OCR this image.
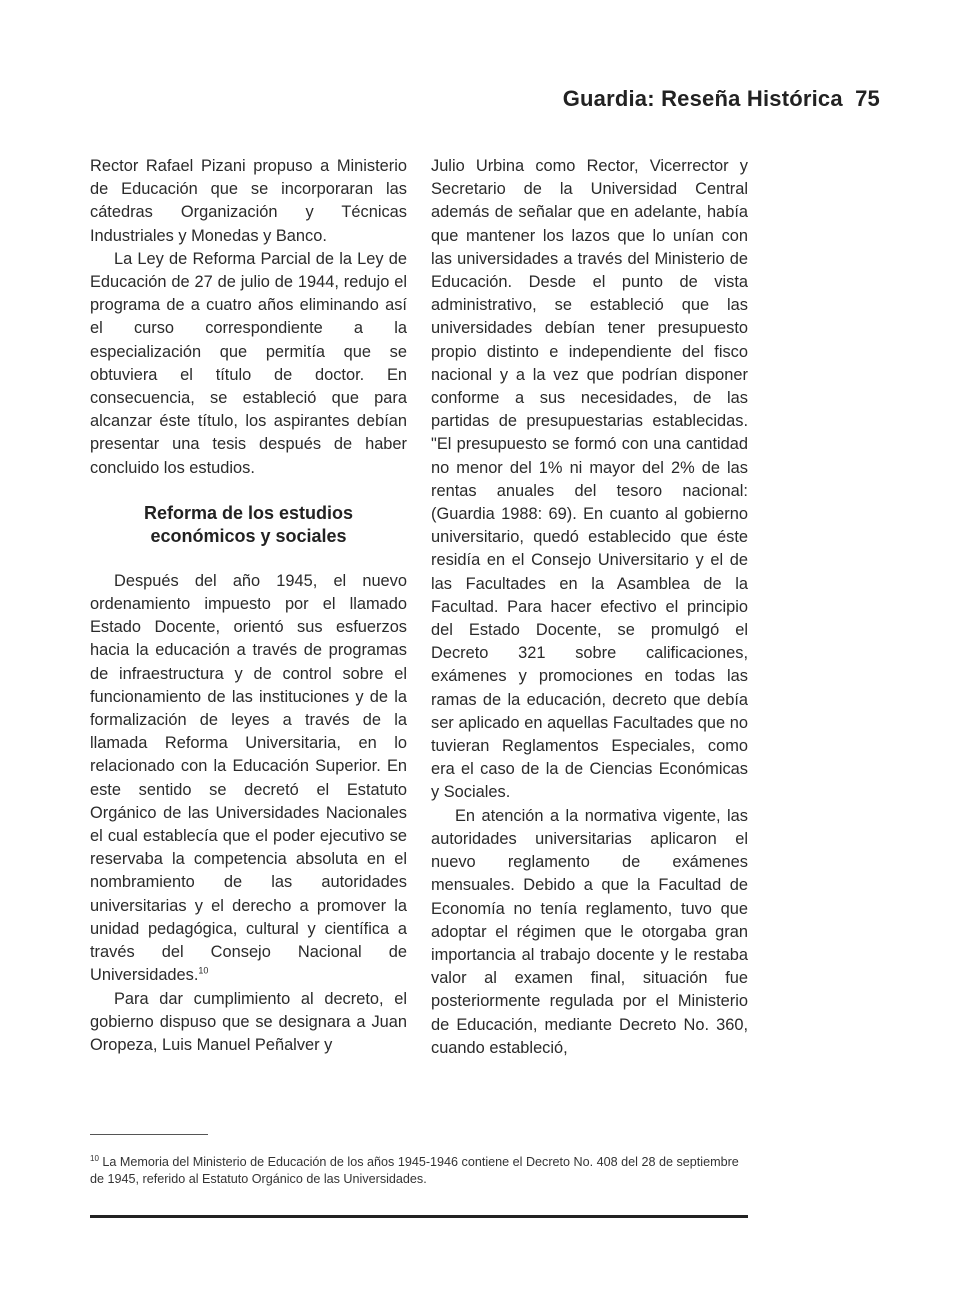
Guardia: Reseña Histórica 75

Rector Rafael Pizani propuso a Ministerio de Educación que se incorporaran las cátedras Organización y Técnicas Industriales y Monedas y Banco.

La Ley de Reforma Parcial de la Ley de Educación de 27 de julio de 1944, redujo el programa de a cuatro años eliminando así el curso correspondiente a la especialización que permitía que se obtuviera el título de doctor. En consecuencia, se estableció que para alcanzar éste título, los aspirantes debían presentar una tesis después de haber concluido los estudios.

Reforma de los estudios económicos y sociales

Después del año 1945, el nuevo ordenamiento impuesto por el llamado Estado Docente, orientó sus esfuerzos hacia la educación a través de programas de infraestructura y de control sobre el funcionamiento de las instituciones y de la formalización de leyes a través de la llamada Reforma Universitaria, en lo relacionado con la Educación Superior. En este sentido se decretó el Estatuto Orgánico de las Universidades Nacionales el cual establecía que el poder ejecutivo se reservaba la competencia absoluta en el nombramiento de las autoridades universitarias y el derecho a promover la unidad pedagógica, cultural y científica a través del Consejo Nacional de Universidades.$^{10}$

Para dar cumplimiento al decreto, el gobierno dispuso que se designara a Juan Oropeza, Luis Manuel Peñalver y

Julio Urbina como Rector, Vicerrector y Secretario de la Universidad Central además de señalar que en adelante, había que mantener los lazos que lo unían con las universidades a través del Ministerio de Educación. Desde el punto de vista administrativo, se estableció que las universidades debían tener presupuesto propio distinto e independiente del fisco nacional y a la vez que podrían disponer conforme a sus necesidades, de las partidas de presupuestarias establecidas. "El presupuesto se formó con una cantidad no menor del 1% ni mayor del 2% de las rentas anuales del tesoro nacional: (Guardia 1988: 69). En cuanto al gobierno universitario, quedó establecido que éste residía en el Consejo Universitario y el de las Facultades en la Asamblea de la Facultad. Para hacer efectivo el principio del Estado Docente, se promulgó el Decreto 321 sobre calificaciones, exámenes y promociones en todas las ramas de la educación, decreto que debía ser aplicado en aquellas Facultades que no tuvieran Reglamentos Especiales, como era el caso de la de Ciencias Económicas y Sociales.

En atención a la normativa vigente, las autoridades universitarias aplicaron el nuevo reglamento de exámenes mensuales. Debido a que la Facultad de Economía no tenía reglamento, tuvo que adoptar el régimen que le otorgaba gran importancia al trabajo docente y le restaba valor al examen final, situación fue posteriormente regulada por el Ministerio de Educación, mediante Decreto No. 360, cuando estableció,

$^{10}$ La Memoria del Ministerio de Educación de los años 1945-1946 contiene el Decreto No. 408 del 28 de septiembre de 1945, referido al Estatuto Orgánico de las Universidades.
